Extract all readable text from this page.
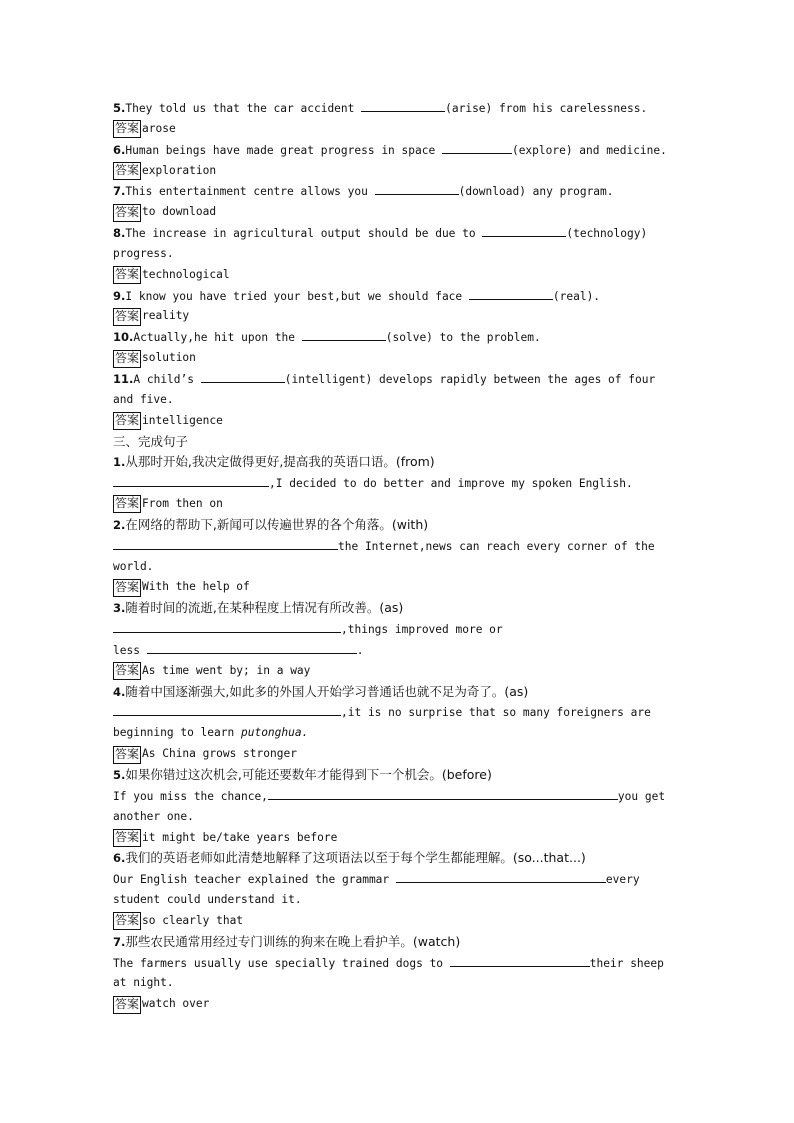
5.They told us that the car accident	(arise) from his carelessness.
答案 arose
6.Human beings have made great progress in space	(explore) and medicine.
答案 exploration
7.This entertainment centre allows you	(download) any program.
答案 to download
8.The increase in agricultural output should be due to	(technology)
progress.
答案 technological
9.I know you have tried your best,but we should face	(real).
答案 reality
10.Actually,he hit upon the	(solve) to the problem.
答案 solution
11.A child’s	(intelligent) develops rapidly between the ages of four
and five.
答案 intelligence
三、完成句子
1.从那时开始,我决定做得更好,提高我的英语口语。(from)
,I decided to do better and improve my spoken English.
答案 From then on
2.在网络的帮助下,新闻可以传遍世界的各个角落。(with)
the Internet,news can reach every corner of the
world.
答案 With the help of
3.随着时间的流逝,在某种程度上情况有所改善。(as)
,things improved more or
less	.
答案 As time went by; in a way
4.随着中国逐渐强大,如此多的外国人开始学习普通话也就不足为奇了。(as)
,it is no surprise that so many foreigners are
beginning to learn putonghua.
答案 As China grows stronger
5.如果你错过这次机会,可能还要数年才能得到下一个机会。(before)
If you miss the chance,	you get
another one.
答案 it might be/take years before
6.我们的英语老师如此清楚地解释了这项语法以至于每个学生都能理解。(so...that...)
Our English teacher explained the grammar	every
student could understand it.
答案 so clearly that
7.那些农民通常用经过专门训练的狗来在晚上看护羊。(watch)
The farmers usually use specially trained dogs to	their sheep
at night.
答案 watch over
